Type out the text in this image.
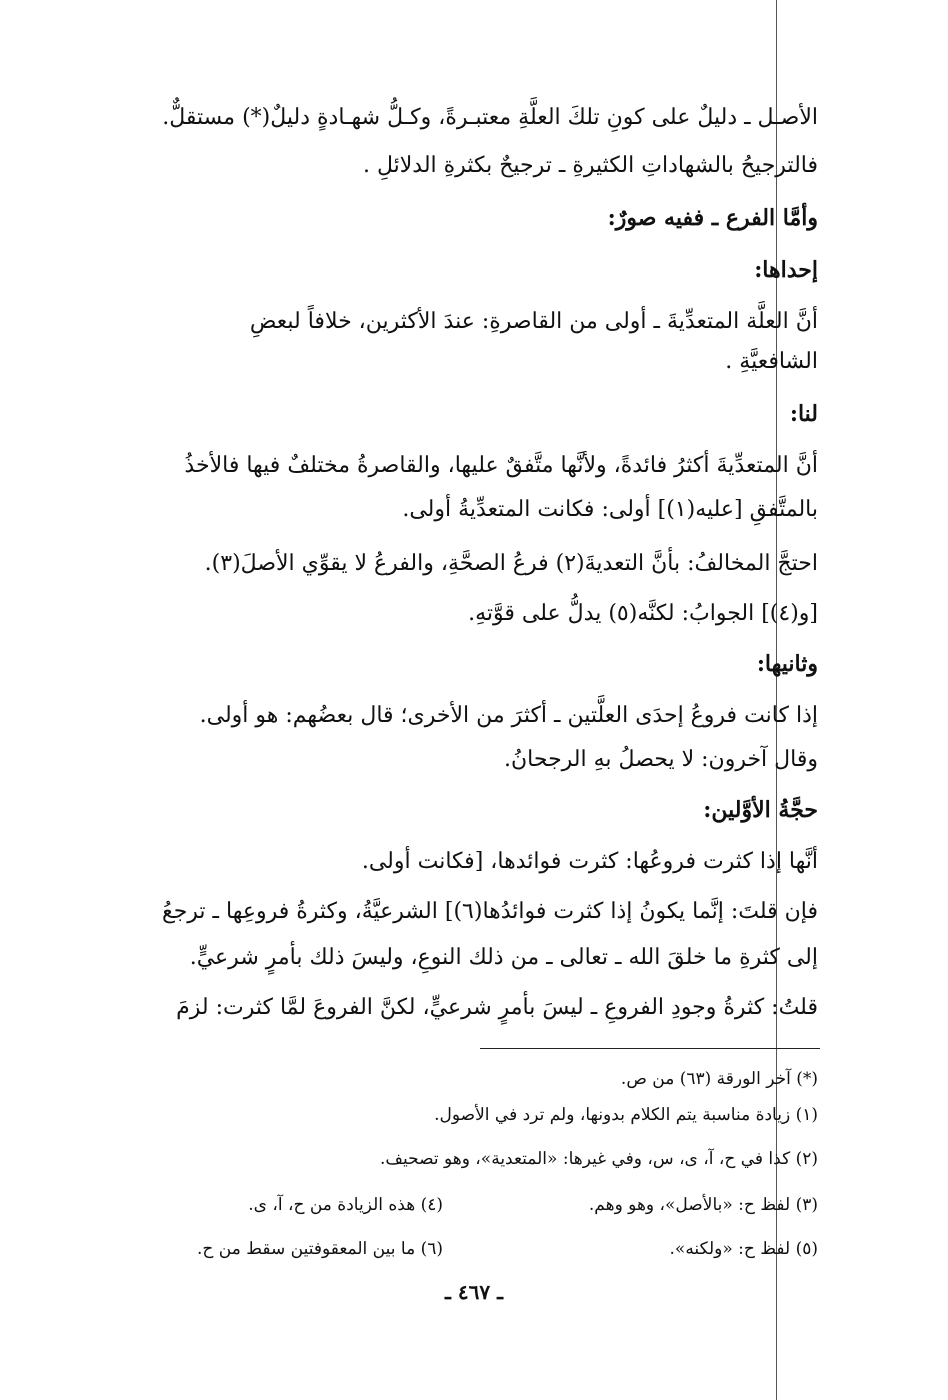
الأصـل ـ دليلٌ على كونِ تلكَ العلَّةِ معتبـرةً، وكـلُّ شهـادةٍ دليلٌ(*) مستقلٌّ.
فالترجيحُ بالشهاداتِ الكثيرةِ ـ ترجيحٌ بكثرةِ الدلائلِ .
وأمَّا الفرع ـ ففيه صورٌ:
إحداها:
أنَّ العلَّة المتعدِّيةَ ـ أولى من القاصرةِ: عندَ الأكثرين، خلافاً لبعضِ
الشافعيَّةِ .
لنا:
أنَّ المتعدِّيةَ أكثرُ فائدةً، ولأنَّها متَّفقٌ عليها، والقاصرةُ مختلفٌ فيها فالأخذُ
بالمتَّفقِ [عليه(١)] أولى: فكانت المتعدِّيةُ أولى.
احتجَّ المخالفُ: بأنَّ التعديةَ(٢) فرعُ الصحَّةِ، والفرعُ لا يقوِّي الأصلَ(٣).
[و(٤)] الجوابُ: لكنَّه(٥) يدلُّ على قوَّتهِ.
وثانيها:
إذا كانت فروعُ إحدَى العلَّتين ـ أكثرَ من الأخرى؛ قال بعضُهم: هو أولى.
وقال آخرون: لا يحصلُ بهِ الرجحانُ.
حجَّةُ الأوَّلين:
أنَّها إذا كثرت فروعُها: كثرت فوائدها، [فكانت أولى.
فإن قلتَ: إنَّما يكونُ إذا كثرت فوائدُها(٦)] الشرعيَّةُ، وكثرةُ فروعِها ـ ترجعُ
إلى كثرةِ ما خلقَ الله ـ تعالى ـ من ذلك النوعِ، وليسَ ذلك بأمرٍ شرعيٍّ.
قلتُ: كثرةُ وجودِ الفروعِ ـ ليسَ بأمرٍ شرعيٍّ، لكنَّ الفروعَ لمَّا كثرت: لزمَ
(*) آخر الورقة (٦٣) من ص.
(١) زيادة مناسبة يتم الكلام بدونها، ولم ترد في الأصول.
(٢) كذا في ح، آ، ى، س، وفي غيرها: «المتعدية»، وهو تصحيف.
(٣) لفظ ح: «بالأصل»، وهو وهم.
(٤) هذه الزيادة من ح، آ، ى.
(٥) لفظ ح: «ولكنه».
(٦) ما بين المعقوفتين سقط من ح.
ـ ٤٦٧ ـ
